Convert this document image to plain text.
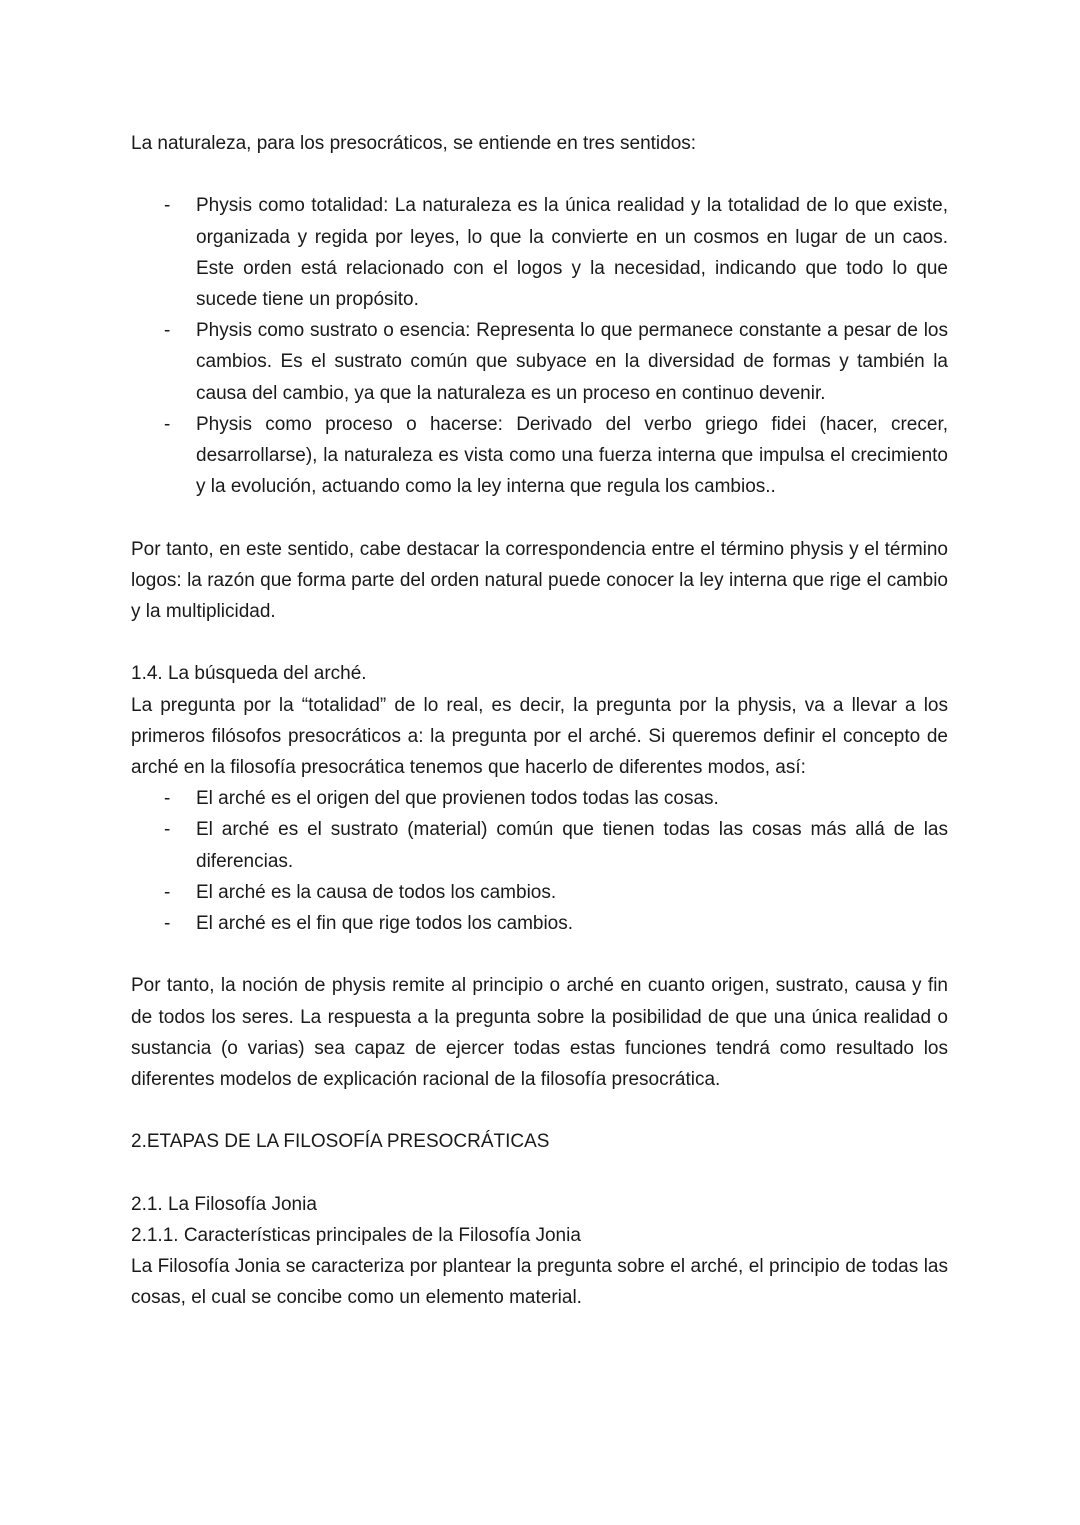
La naturaleza, para los presocráticos, se entiende en tres sentidos:

- Physis como totalidad: La naturaleza es la única realidad y la totalidad de lo que existe, organizada y regida por leyes, lo que la convierte en un cosmos en lugar de un caos. Este orden está relacionado con el logos y la necesidad, indicando que todo lo que sucede tiene un propósito.
- Physis como sustrato o esencia: Representa lo que permanece constante a pesar de los cambios. Es el sustrato común que subyace en la diversidad de formas y también la causa del cambio, ya que la naturaleza es un proceso en continuo devenir.
- Physis como proceso o hacerse: Derivado del verbo griego fidei (hacer, crecer, desarrollarse), la naturaleza es vista como una fuerza interna que impulsa el crecimiento y la evolución, actuando como la ley interna que regula los cambios..

Por tanto, en este sentido, cabe destacar la correspondencia entre el término physis y el término logos: la razón que forma parte del orden natural puede conocer la ley interna que rige el cambio y la multiplicidad.

1.4. La búsqueda del arché.

La pregunta por la “totalidad” de lo real, es decir, la pregunta por la physis, va a llevar a los primeros filósofos presocráticos a: la pregunta por el arché. Si queremos definir el concepto de arché en la filosofía presocrática tenemos que hacerlo de diferentes modos, así:

- El arché es el origen del que provienen todos todas las cosas.
- El arché es el sustrato (material) común que tienen todas las cosas más allá de las diferencias.
- El arché es la causa de todos los cambios.
- El arché es el fin que rige todos los cambios.

Por tanto, la noción de physis remite al principio o arché en cuanto origen, sustrato, causa y fin de todos los seres. La respuesta a la pregunta sobre la posibilidad de que una única realidad o sustancia (o varias) sea capaz de ejercer todas estas funciones tendrá como resultado los diferentes modelos de explicación racional de la filosofía presocrática.

2.ETAPAS DE LA FILOSOFÍA PRESOCRÁTICAS

2.1. La Filosofía Jonia

2.1.1. Características principales de la Filosofía Jonia

La Filosofía Jonia se caracteriza por plantear la pregunta sobre el arché, el principio de todas las cosas, el cual se concibe como un elemento material.
